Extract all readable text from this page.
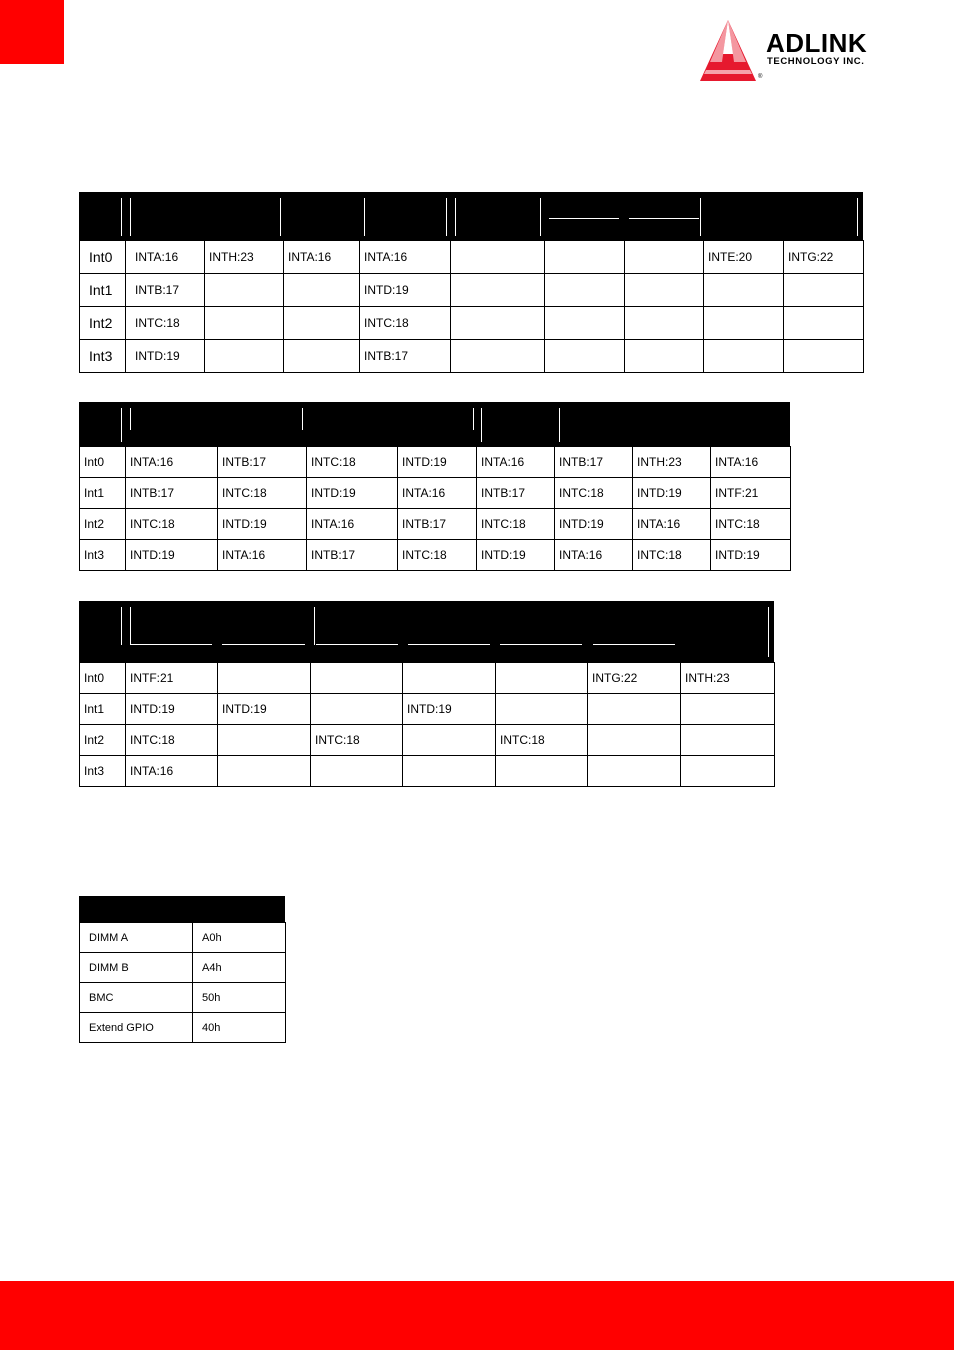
ADLINK
TECHNOLOGY INC.
®
Int0	INTA:16	INTH:23	INTA:16	INTA:16				INTE:20	INTG:22
Int1	INTB:17			INTD:19					
Int2	INTC:18			INTC:18					
Int3	INTD:19			INTB:17					
Int0	INTA:16	INTB:17	INTC:18	INTD:19	INTA:16	INTB:17	INTH:23	INTA:16
Int1	INTB:17	INTC:18	INTD:19	INTA:16	INTB:17	INTC:18	INTD:19	INTF:21
Int2	INTC:18	INTD:19	INTA:16	INTB:17	INTC:18	INTD:19	INTA:16	INTC:18
Int3	INTD:19	INTA:16	INTB:17	INTC:18	INTD:19	INTA:16	INTC:18	INTD:19
Int0	INTF:21					INTG:22	INTH:23
Int1	INTD:19	INTD:19		INTD:19			
Int2	INTC:18		INTC:18		INTC:18		
Int3	INTA:16						
DIMM A	A0h
DIMM B	A4h
BMC	50h
Extend GPIO	40h
